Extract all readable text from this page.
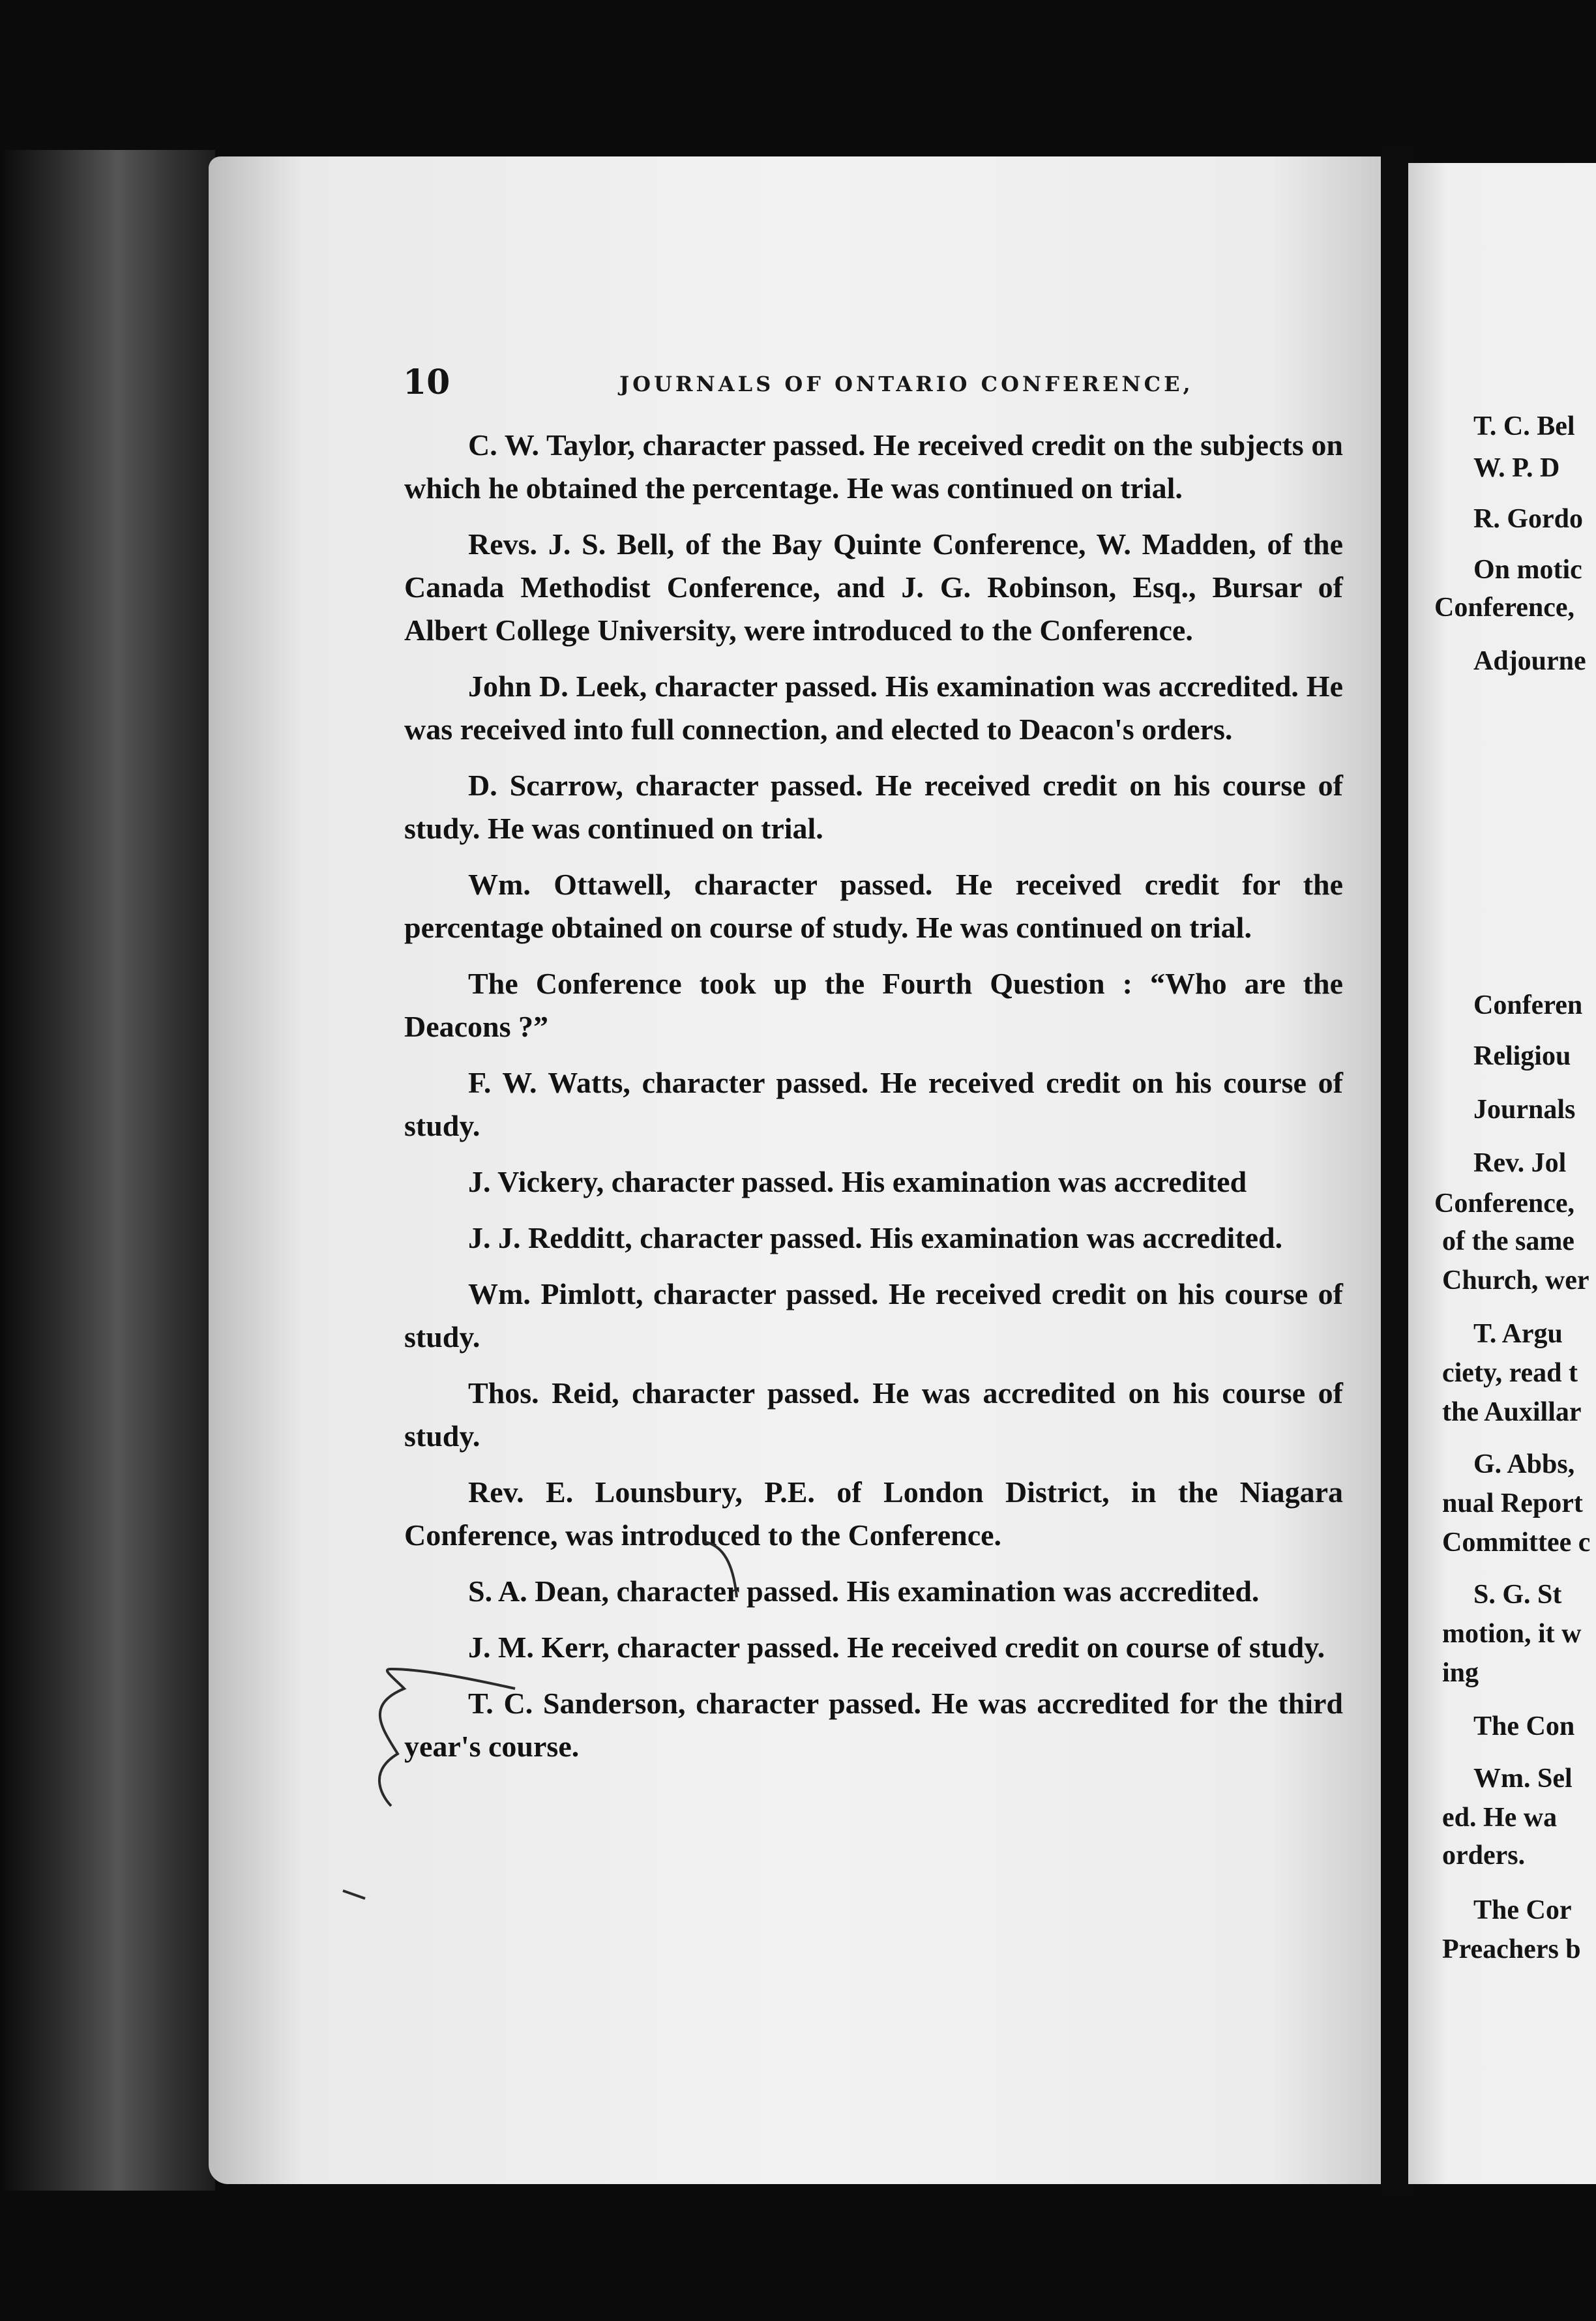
10	JOURNALS OF ONTARIO CONFERENCE,

C. W. Taylor, character passed. He received credit on the subjects on which he obtained the percentage. He was continued on trial.

Revs. J. S. Bell, of the Bay Quinte Conference, W. Madden, of the Canada Methodist Conference, and J. G. Robinson, Esq., Bursar of Albert College University, were introduced to the Conference.

John D. Leek, character passed. His examination was accredited. He was received into full connection, and elected to Deacon's orders.

D. Scarrow, character passed. He received credit on his course of study. He was continued on trial.

Wm. Ottawell, character passed. He received credit for the percentage obtained on course of study. He was continued on trial.

The Conference took up the Fourth Question : “Who are the Deacons ?”

F. W. Watts, character passed. He received credit on his course of study.

J. Vickery, character passed. His examination was accredited

J. J. Redditt, character passed. His examination was accredited.

Wm. Pimlott, character passed. He received credit on his course of study.

Thos. Reid, character passed. He was accredited on his course of study.

Rev. E. Lounsbury, P.E. of London District, in the Niagara Conference, was introduced to the Conference.

S. A. Dean, character passed. His examination was accredited.

J. M. Kerr, character passed. He received credit on course of study.

T. C. Sanderson, character passed. He was accredited for the third year's course.

T. C. Bel
W. P. D
R. Gordo
On motic
Conference,
Adjourne
Conferen
Religiou
Journals
Rev. Jol
Conference,
of the same
Church, wer
T. Argu
ciety, read t
the Auxillar
G. Abbs,
nual Report
Committee c
S. G. St
motion, it w
ing
The Con
Wm. Sel
ed. He wa
orders.
The Cor
Preachers b
